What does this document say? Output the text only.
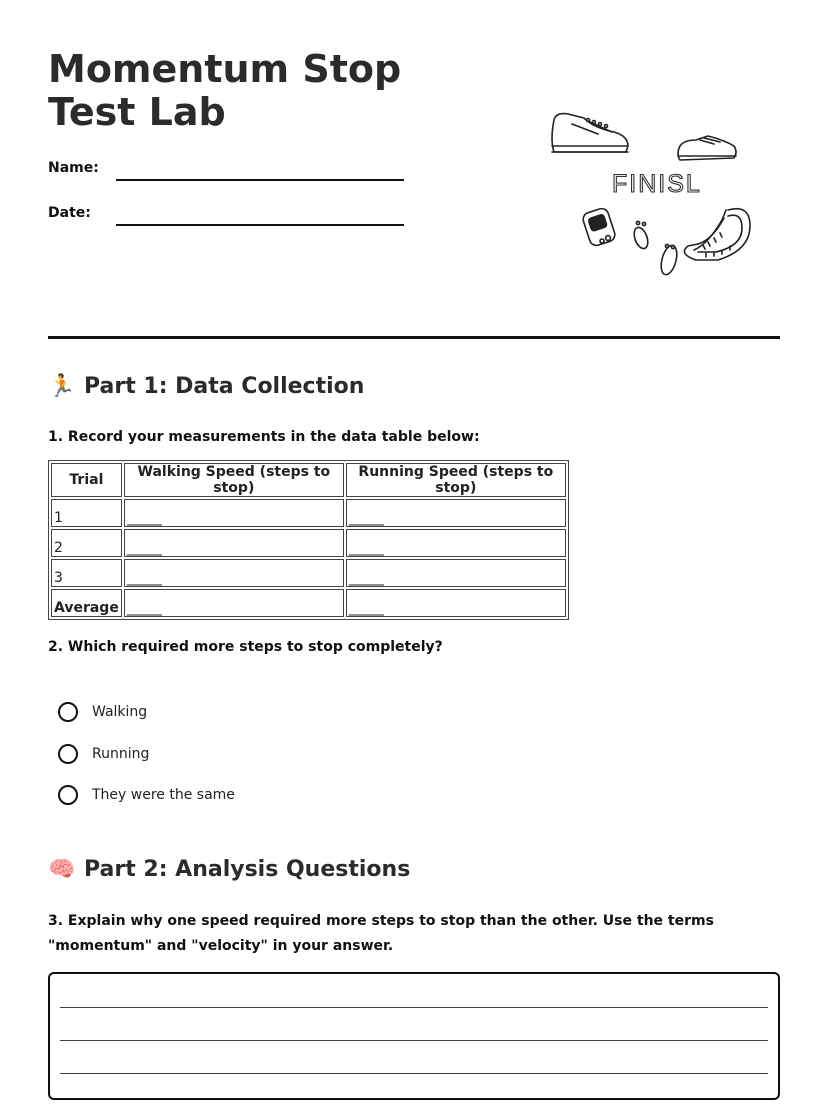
Momentum Stop Test Lab
Name:
Date:
FINISL
🏃 Part 1: Data Collection

1. Record your measurements in the data table below:

Trial	Walking Speed (steps to stop)	Running Speed (steps to stop)
1	_____	_____
2	_____	_____
3	_____	_____
Average	_____	_____

2. Which required more steps to stop completely?

Walking
Running
They were the same
🧠 Part 2: Analysis Questions

3. Explain why one speed required more steps to stop than the other. Use the terms "momentum" and "velocity" in your answer.
